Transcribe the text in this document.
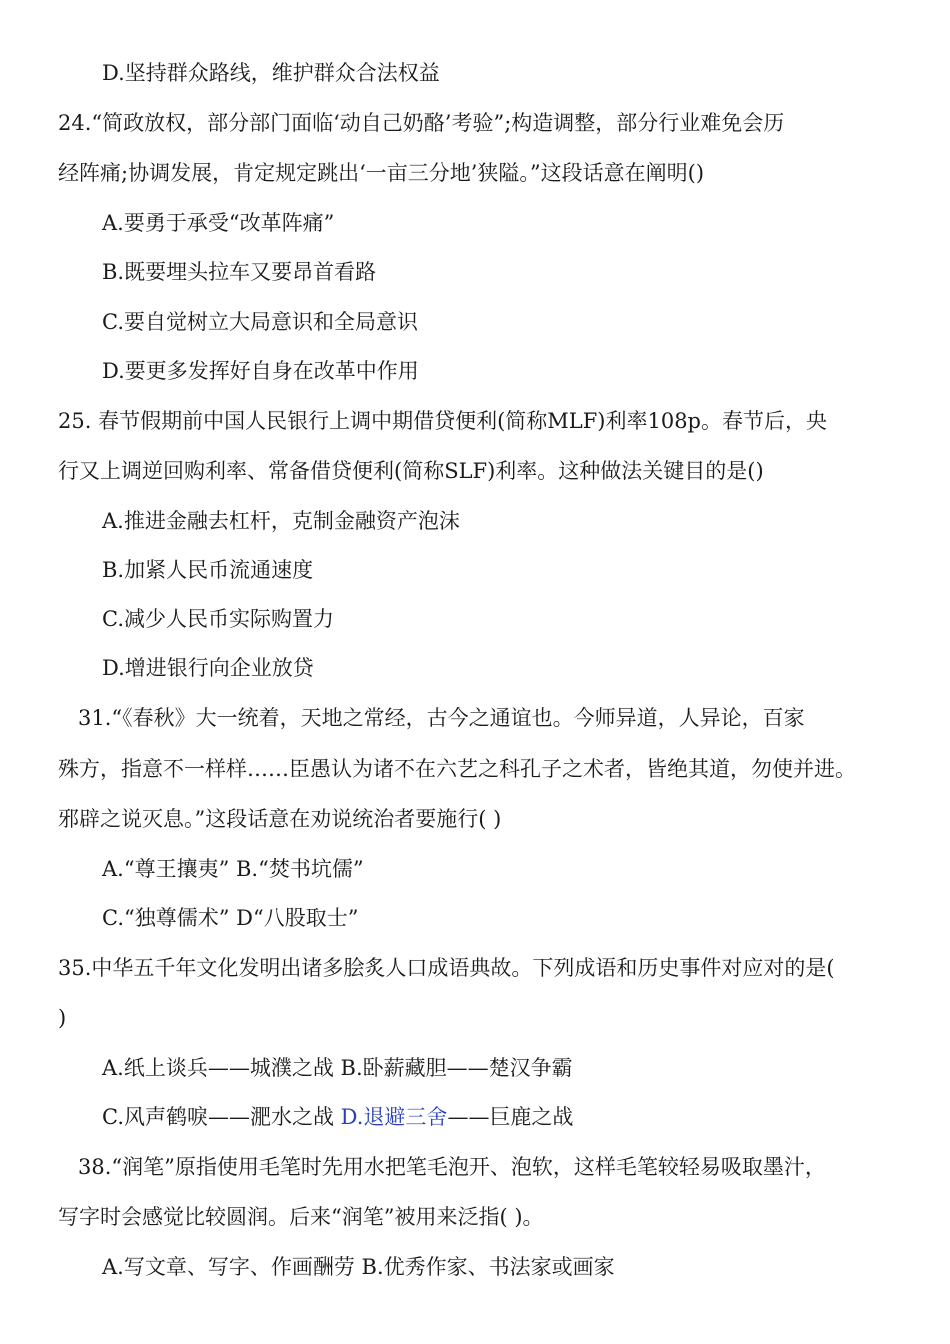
D.坚持群众路线，维护群众合法权益
24.“简政放权，部分部门面临‘动自己奶酪’考验”;构造调整，部分行业难免会历
经阵痛;协调发展，肯定规定跳出‘一亩三分地’狭隘。”这段话意在阐明()
A.要勇于承受“改革阵痛”
B.既要埋头拉车又要昂首看路
C.要自觉树立大局意识和全局意识
D.要更多发挥好自身在改革中作用
25. 春节假期前中国人民银行上调中期借贷便利(简称MLF)利率108p。春节后，央
行又上调逆回购利率、常备借贷便利(简称SLF)利率。这种做法关键目的是()
A.推进金融去杠杆，克制金融资产泡沫
B.加紧人民币流通速度
C.减少人民币实际购置力
D.增进银行向企业放贷
31.“《春秋》大一统着，天地之常经，古今之通谊也。今师异道，人异论，百家
殊方，指意不一样样……臣愚认为诸不在六艺之科孔子之术者，皆绝其道，勿使并进。
邪辟之说灭息。”这段话意在劝说统治者要施行( )
A.“尊王攘夷” B.“焚书坑儒”
C.“独尊儒术” D“八股取士”
35.中华五千年文化发明出诸多脍炙人口成语典故。下列成语和历史事件对应对的是(
)
A.纸上谈兵——城濮之战 B.卧薪藏胆——楚汉争霸
C.风声鹤唳——淝水之战 D.退避三舍——巨鹿之战
38.“润笔”原指使用毛笔时先用水把笔毛泡开、泡软，这样毛笔较轻易吸取墨汁，
写字时会感觉比较圆润。后来“润笔”被用来泛指( )。
A.写文章、写字、作画酬劳 B.优秀作家、书法家或画家
